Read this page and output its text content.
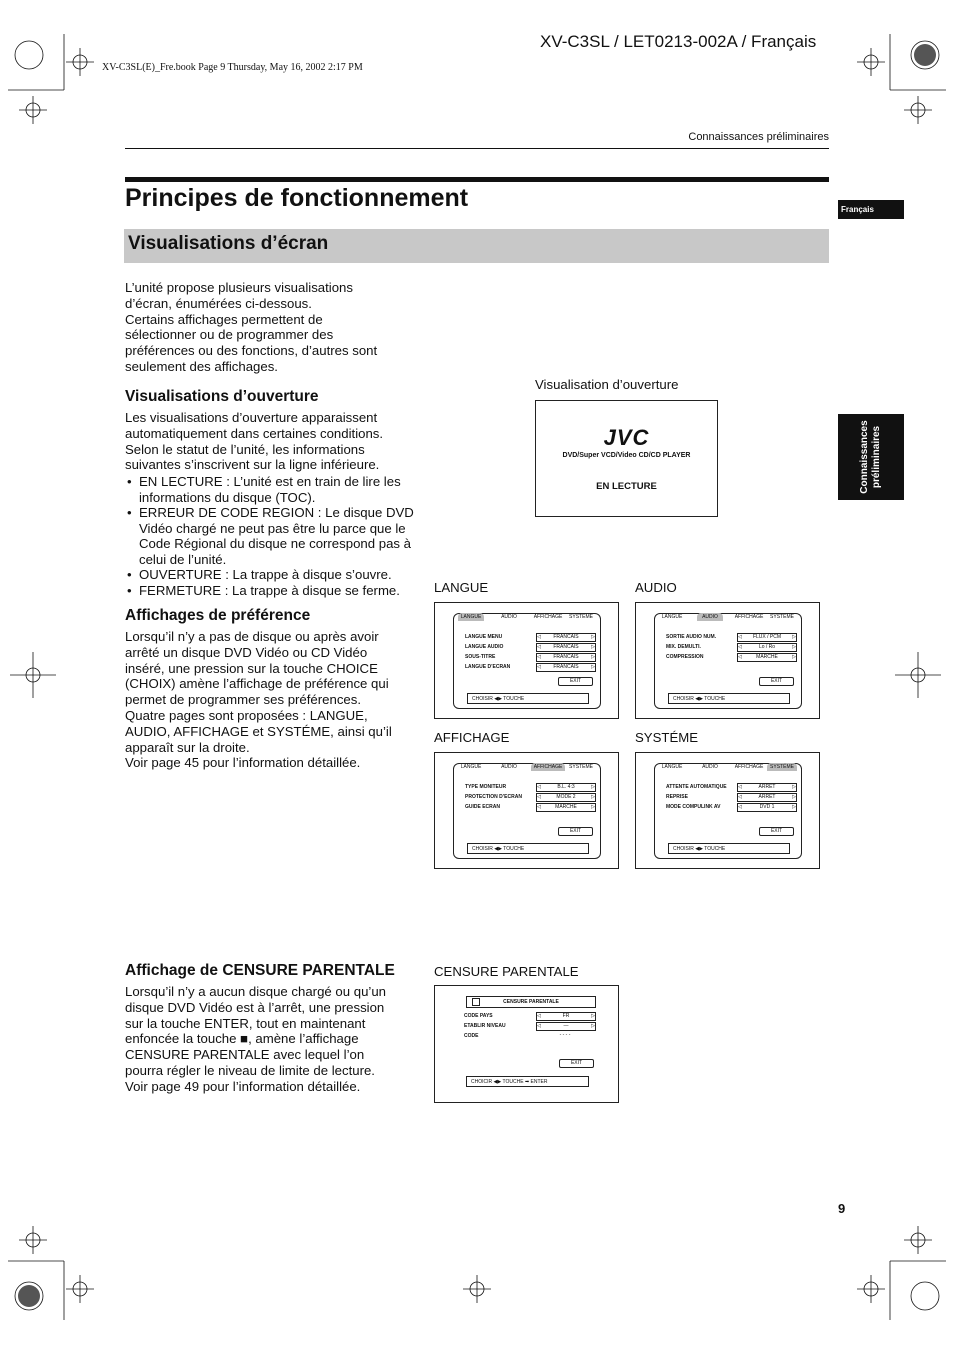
XV-C3SL / LET0213-002A / Français
XV-C3SL(E)_Fre.book Page 9 Thursday, May 16, 2002 2:17 PM
Connaissances préliminaires
Principes de fonctionnement
Visualisations d’écran
Français
Connaissances
préliminaires
L’unité propose plusieurs visualisations
d’écran, énumérées ci-dessous.
Certains affichages permettent de
sélectionner ou de programmer des
préférences ou des fonctions, d’autres sont
seulement des affichages.
Visualisations d’ouverture
Les visualisations d’ouverture apparaissent
automatiquement dans certaines conditions.
Selon le statut de l’unité, les informations
suivantes s’inscrivent sur la ligne inférieure.
• EN LECTURE : L’unité est en train de lire les informations du disque (TOC).
• ERREUR DE CODE REGION : Le disque DVD Vidéo chargé ne peut pas être lu parce que le Code Régional du disque ne correspond pas à celui de l’unité.
• OUVERTURE : La trappe à disque s’ouvre.
• FERMETURE : La trappe à disque se ferme.
Visualisation d’ouverture
JVC
DVD/Super VCD/Video CD/CD PLAYER
EN LECTURE
Affichages de préférence
Lorsqu’il n’y a pas de disque ou après avoir
arrêté un disque DVD Vidéo ou CD Vidéo
inséré, une pression sur la touche CHOICE
(CHOIX) amène l’affichage de préférence qui
permet de programmer ses préférences.
Quatre pages sont proposées : LANGUE,
AUDIO, AFFICHAGE et SYSTÉME, ainsi qu’il
apparaît sur la droite.
Voir page 45 pour l’information détaillée.
LANGUE
LANGUE	AUDIO	AFFICHAGE	SYSTÉME
LANGUE MENU	◁ FRANCAIS ▷
LANGUE AUDIO	◁ FRANCAIS ▷
SOUS-TITRE	◁ FRANCAIS ▷
LANGUE D’ECRAN	◁ FRANCAIS ▷
EXIT
CHOISIR ◀▶ TOUCHE
AUDIO
LANGUE	AUDIO	AFFICHAGE	SYSTÉME
SORTIE AUDIO NUM.	◁ FLUX / PCM ▷
MIX. DEMULTI.	◁ Lo / Ro ▷
COMPRESSION	◁ MARCHE ▷
EXIT
CHOISIR ◀▶ TOUCHE
AFFICHAGE
LANGUE	AUDIO	AFFICHAGE	SYSTÉME
TYPE MONITEUR	◁ B.L. 4:3 ▷
PROTECTION D’ECRAN	◁ MODE 2 ▷
GUIDE ECRAN	◁ MARCHE ▷
EXIT
CHOISIR ◀▶ TOUCHE
SYSTÉME
LANGUE	AUDIO	AFFICHAGE	SYSTÉME
ATTENTE AUTOMATIQUE	◁ ARRET ▷
REPRISE	◁ ARRET ▷
MODE COMPULINK AV	◁ DVD 1 ▷
EXIT
CHOISIR ◀▶ TOUCHE
Affichage de CENSURE PARENTALE
Lorsqu’il n’y a aucun disque chargé ou qu’un
disque DVD Vidéo est à l’arrêt, une pression
sur la touche ENTER, tout en maintenant
enfoncée la touche ■, amène l’affichage
CENSURE PARENTALE avec lequel l’on
pourra régler le niveau de limite de lecture.
Voir page 49 pour l’information détaillée.
CENSURE PARENTALE
CENSURE PARENTALE
CODE PAYS	◁ FR ▷
ETABLIR NIVEAU	◁ — ▷
CODE	- - - -
EXIT
CHOICIR ◀▶ TOUCHE ➡ ENTER
9
